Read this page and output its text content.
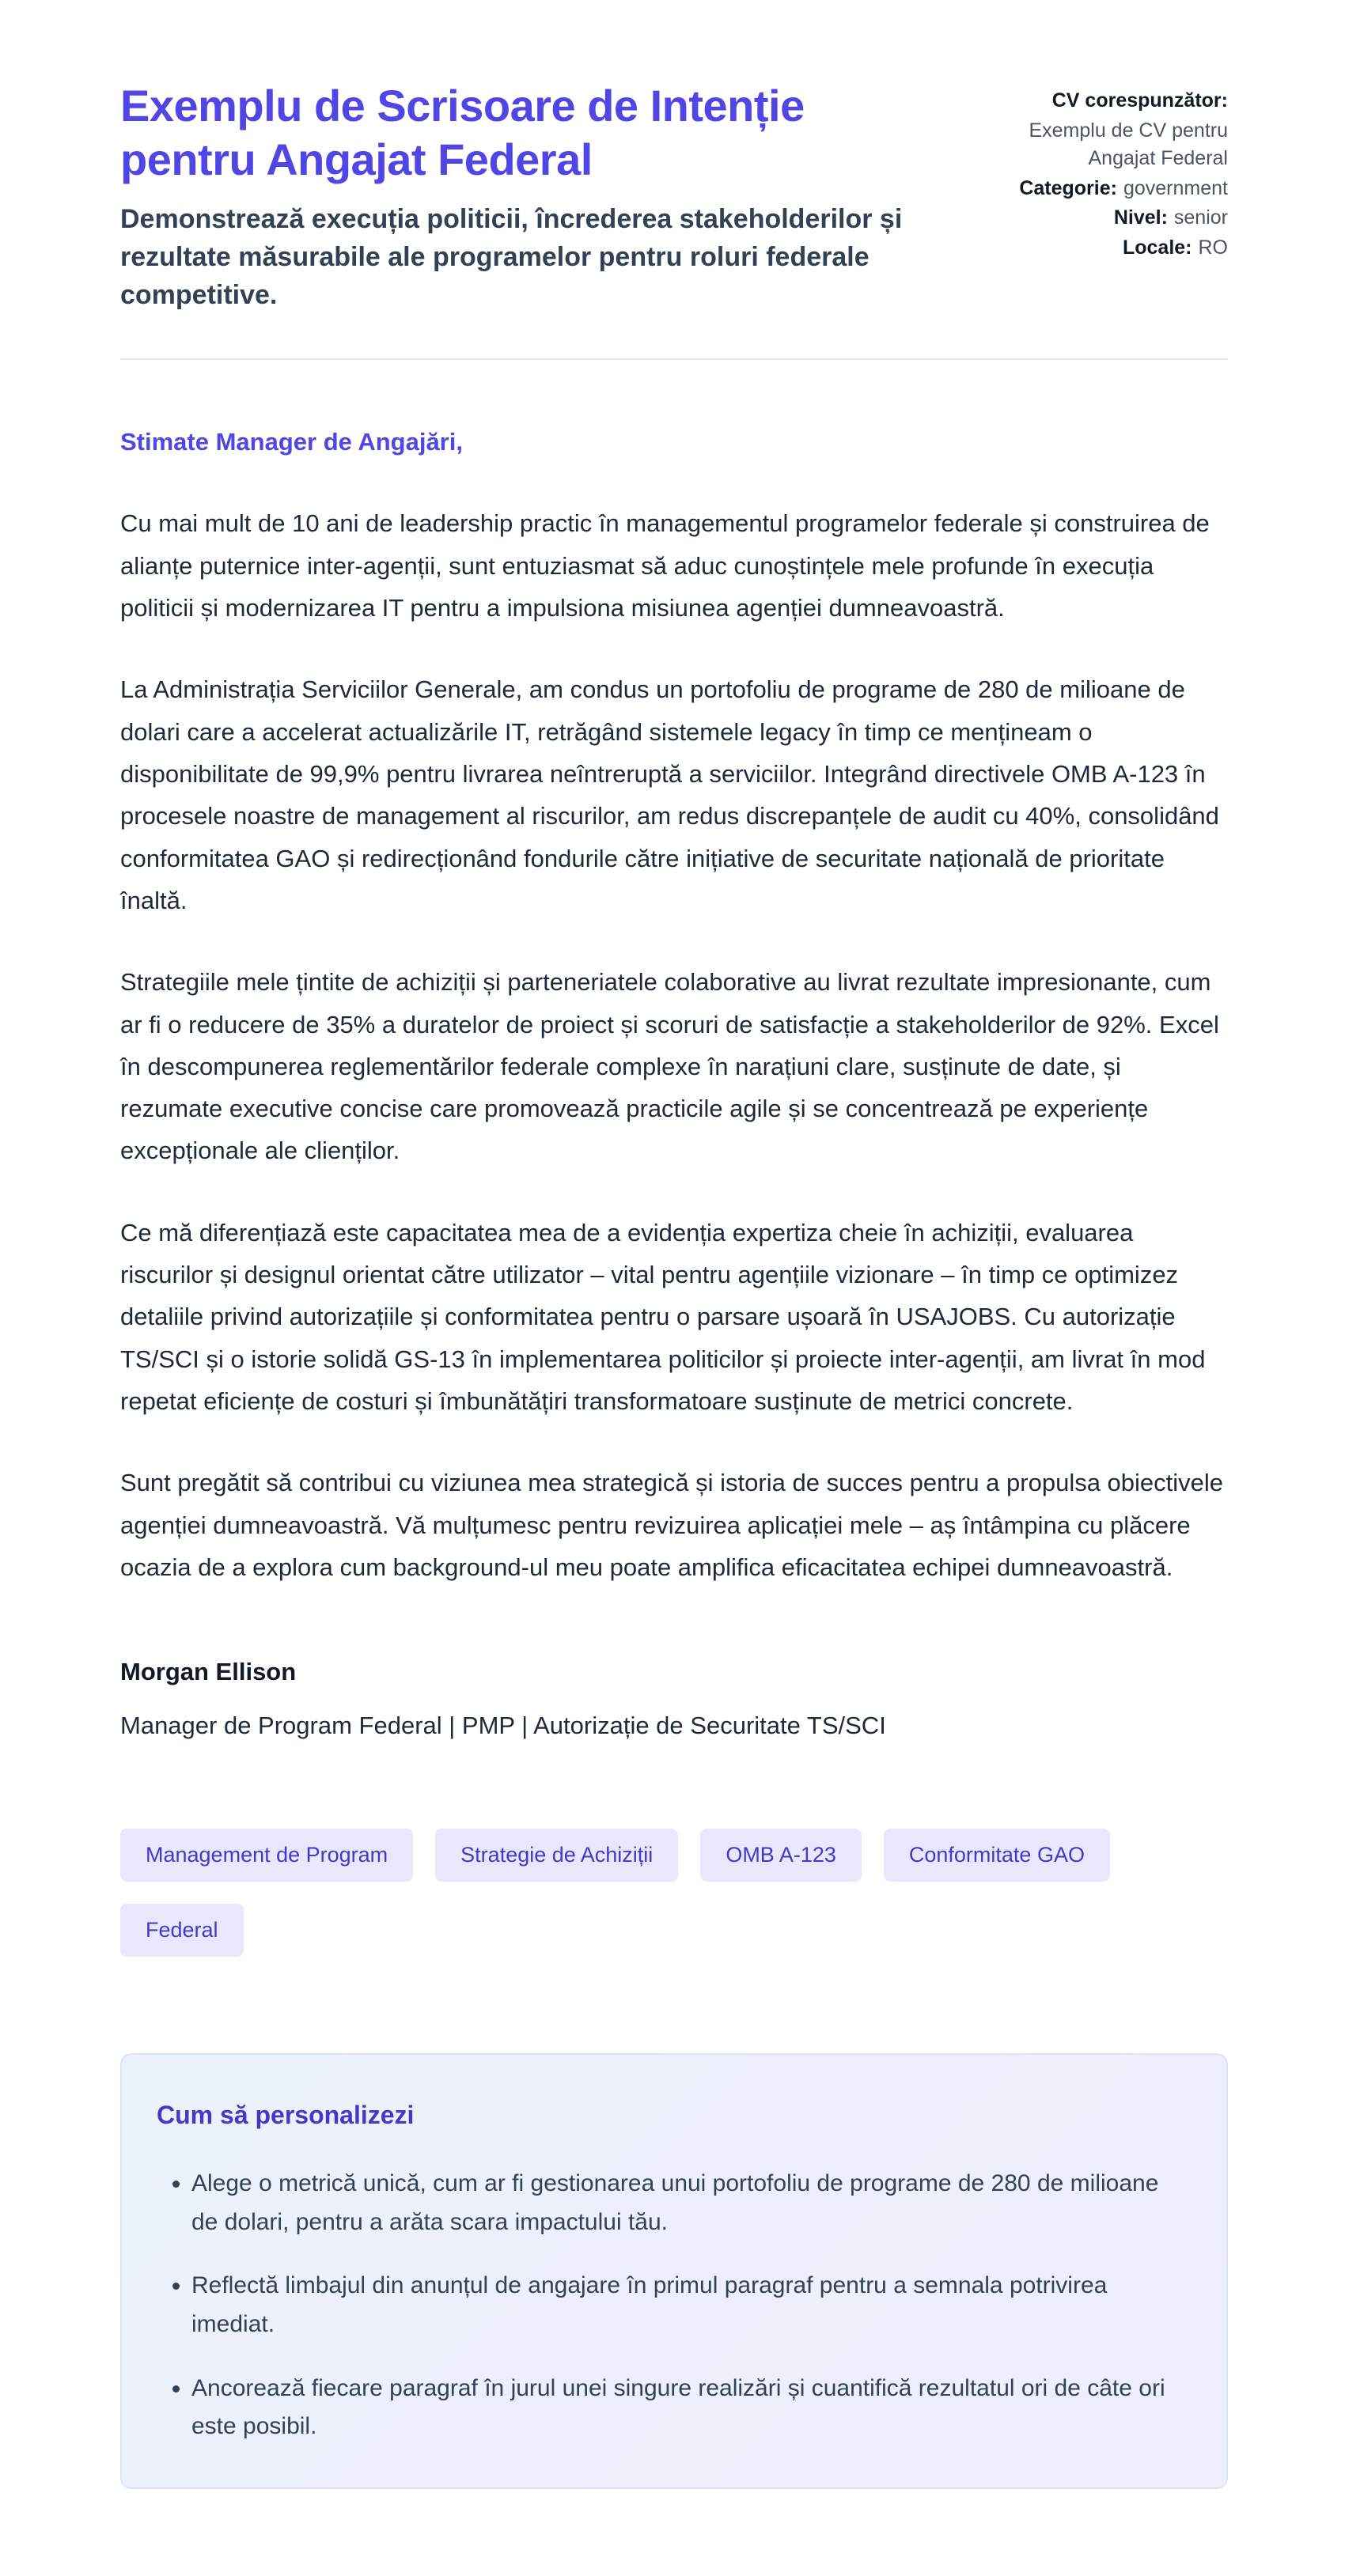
Exemplu de Scrisoare de Intenție pentru Angajat Federal

Demonstrează execuția politicii, încrederea stakeholderilor și rezultate măsurabile ale programelor pentru roluri federale competitive.

CV corespunzător:
Exemplu de CV pentru Angajat Federal
Categorie: government
Nivel: senior
Locale: RO

Stimate Manager de Angajări,

Cu mai mult de 10 ani de leadership practic în managementul programelor federale și construirea de alianțe puternice inter-agenții, sunt entuziasmat să aduc cunoștințele mele profunde în execuția politicii și modernizarea IT pentru a impulsiona misiunea agenției dumneavoastră.

La Administrația Serviciilor Generale, am condus un portofoliu de programe de 280 de milioane de dolari care a accelerat actualizările IT, retrăgând sistemele legacy în timp ce mențineam o disponibilitate de 99,9% pentru livrarea neîntreruptă a serviciilor. Integrând directivele OMB A-123 în procesele noastre de management al riscurilor, am redus discrepanțele de audit cu 40%, consolidând conformitatea GAO și redirecționând fondurile către inițiative de securitate națională de prioritate înaltă.

Strategiile mele țintite de achiziții și parteneriatele colaborative au livrat rezultate impresionante, cum ar fi o reducere de 35% a duratelor de proiect și scoruri de satisfacție a stakeholderilor de 92%. Excel în descompunerea reglementărilor federale complexe în narațiuni clare, susținute de date, și rezumate executive concise care promovează practicile agile și se concentrează pe experiențe excepționale ale clienților.

Ce mă diferențiază este capacitatea mea de a evidenția expertiza cheie în achiziții, evaluarea riscurilor și designul orientat către utilizator – vital pentru agențiile vizionare – în timp ce optimizez detaliile privind autorizațiile și conformitatea pentru o parsare ușoară în USAJOBS. Cu autorizație TS/SCI și o istorie solidă GS-13 în implementarea politicilor și proiecte inter-agenții, am livrat în mod repetat eficiențe de costuri și îmbunătățiri transformatoare susținute de metrici concrete.

Sunt pregătit să contribui cu viziunea mea strategică și istoria de succes pentru a propulsa obiectivele agenției dumneavoastră. Vă mulțumesc pentru revizuirea aplicației mele – aș întâmpina cu plăcere ocazia de a explora cum background-ul meu poate amplifica eficacitatea echipei dumneavoastră.

Morgan Ellison

Manager de Program Federal | PMP | Autorizație de Securitate TS/SCI

Management de Program	Strategie de Achiziții	OMB A-123	Conformitate GAO
Federal
Cum să personalizezi
• Alege o metrică unică, cum ar fi gestionarea unui portofoliu de programe de 280 de milioane de dolari, pentru a arăta scara impactului tău.
• Reflectă limbajul din anunțul de angajare în primul paragraf pentru a semnala potrivirea imediat.
• Ancorează fiecare paragraf în jurul unei singure realizări și cuantifică rezultatul ori de câte ori este posibil.
